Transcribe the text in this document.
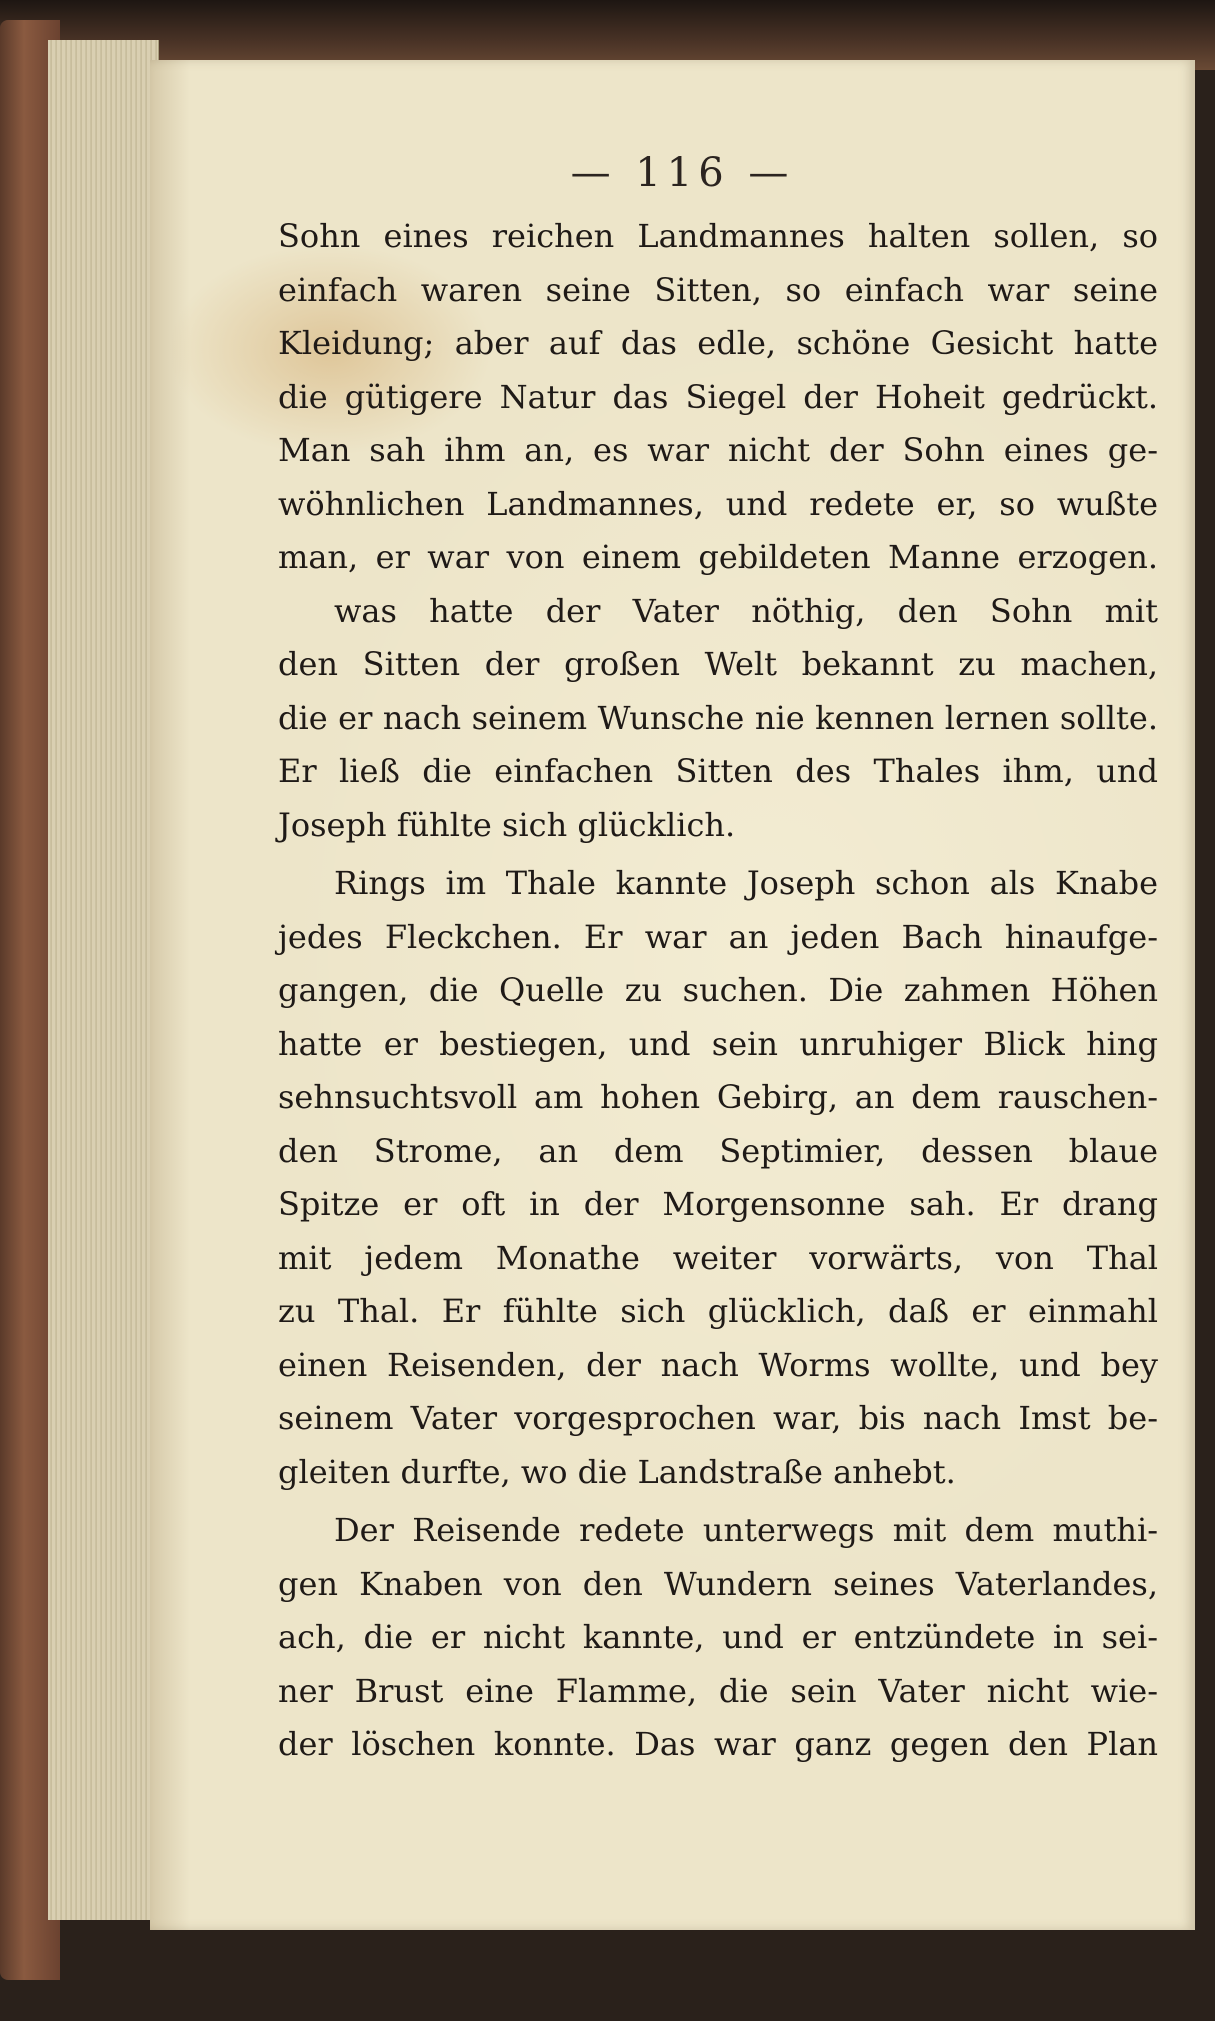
— 116 —
Sohn eines reichen Landmannes halten sollen, so
einfach waren seine Sitten, so einfach war seine
Kleidung; aber auf das edle, schöne Gesicht hatte
die gütigere Natur das Siegel der Hoheit gedrückt.
Man sah ihm an, es war nicht der Sohn eines ge-
wöhnlichen Landmannes, und redete er, so wußte
man, er war von einem gebildeten Manne erzogen.
was hatte der Vater nöthig, den Sohn mit
den Sitten der großen Welt bekannt zu machen,
die er nach seinem Wunsche nie kennen lernen sollte.
Er ließ die einfachen Sitten des Thales ihm, und
Joseph fühlte sich glücklich.
Rings im Thale kannte Joseph schon als Knabe
jedes Fleckchen. Er war an jeden Bach hinaufge-
gangen, die Quelle zu suchen. Die zahmen Höhen
hatte er bestiegen, und sein unruhiger Blick hing
sehnsuchtsvoll am hohen Gebirg, an dem rauschen-
den Strome, an dem Septimier, dessen blaue
Spitze er oft in der Morgensonne sah. Er drang
mit jedem Monathe weiter vorwärts, von Thal
zu Thal. Er fühlte sich glücklich, daß er einmahl
einen Reisenden, der nach Worms wollte, und bey
seinem Vater vorgesprochen war, bis nach Imst be-
gleiten durfte, wo die Landstraße anhebt.
Der Reisende redete unterwegs mit dem muthi-
gen Knaben von den Wundern seines Vaterlandes,
ach, die er nicht kannte, und er entzündete in sei-
ner Brust eine Flamme, die sein Vater nicht wie-
der löschen konnte. Das war ganz gegen den Plan
